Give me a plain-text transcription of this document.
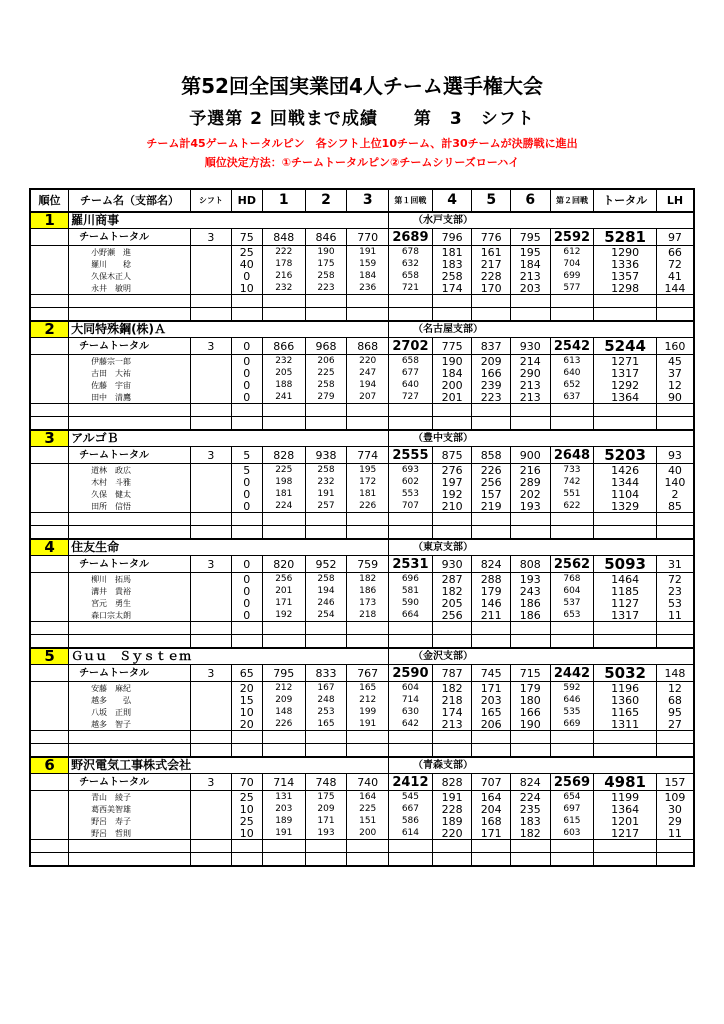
第52回全国実業団4人チーム選手権大会
予選第 2 回戦まで成績　　第　3　シフト
チーム計45ゲームトータルピン　各シフト上位10チーム、計30チームが決勝戦に進出
順位決定方法：①チームトータルピン②チームシリーズローハイ
順位	チーム名（支部名）	シフト	HD	1	2	3	第１回戦	4	5	6	第２回戦	トータル	LH
1	羅川商事						（水戸支部）						
	チームトータル	3	75	848	846	770	2689	796	776	795	2592	5281	97
	小野瀬　進		25	222	190	191	678	181	161	195	612	1290	66
	羅川　　稔		40	178	175	159	632	183	217	184	704	1336	72
	久保木正人		0	216	258	184	658	258	228	213	699	1357	41
	永井　敏明		10	232	223	236	721	174	170	203	577	1298	144

2	大同特殊鋼(株)Ａ						（名古屋支部）						
	チームトータル	3	0	866	968	868	2702	775	837	930	2542	5244	160
	伊藤宗一郎		0	232	206	220	658	190	209	214	613	1271	45
	古田　大祐		0	205	225	247	677	184	166	290	640	1317	37
	佐藤　宇宙		0	188	258	194	640	200	239	213	652	1292	12
	田中　清鷹		0	241	279	207	727	201	223	213	637	1364	90

3	アルゴＢ						（豊中支部）						
	チームトータル	3	5	828	938	774	2555	875	858	900	2648	5203	93
	道林　政広		5	225	258	195	693	276	226	216	733	1426	40
	木村　斗雅		0	198	232	172	602	197	256	289	742	1344	140
	久保　健太		0	181	191	181	553	192	157	202	551	1104	2
	田所　信悟		0	224	257	226	707	210	219	193	622	1329	85

4	住友生命						（東京支部）						
	チームトータル	3	0	820	952	759	2531	930	824	808	2562	5093	31
	柳川　拓馬		0	256	258	182	696	287	288	193	768	1464	72
	溝井　貴裕		0	201	194	186	581	182	179	243	604	1185	23
	宮元　勇生		0	171	246	173	590	205	146	186	537	1127	53
	森口宗太朗		0	192	254	218	664	256	211	186	653	1317	11

5	Ｇｕｕ　Ｓｙｓｔｅｍ						（金沢支部）						
	チームトータル	3	65	795	833	767	2590	787	745	715	2442	5032	148
	安藤　麻紀		20	212	167	165	604	182	171	179	592	1196	12
	越多　　弘		15	209	248	212	714	218	203	180	646	1360	68
	八坂　正則		10	148	253	199	630	174	165	166	535	1165	95
	越多　智子		20	226	165	191	642	213	206	190	669	1311	27

6	野沢電気工事株式会社						（青森支部）						
	チームトータル	3	70	714	748	740	2412	828	707	824	2569	4981	157
	青山　綾子		25	131	175	164	545	191	164	224	654	1199	109
	葛西美智雄		10	203	209	225	667	228	204	235	697	1364	30
	野呂　寿子		25	189	171	151	586	189	168	183	615	1201	29
	野呂　哲則		10	191	193	200	614	220	171	182	603	1217	11
